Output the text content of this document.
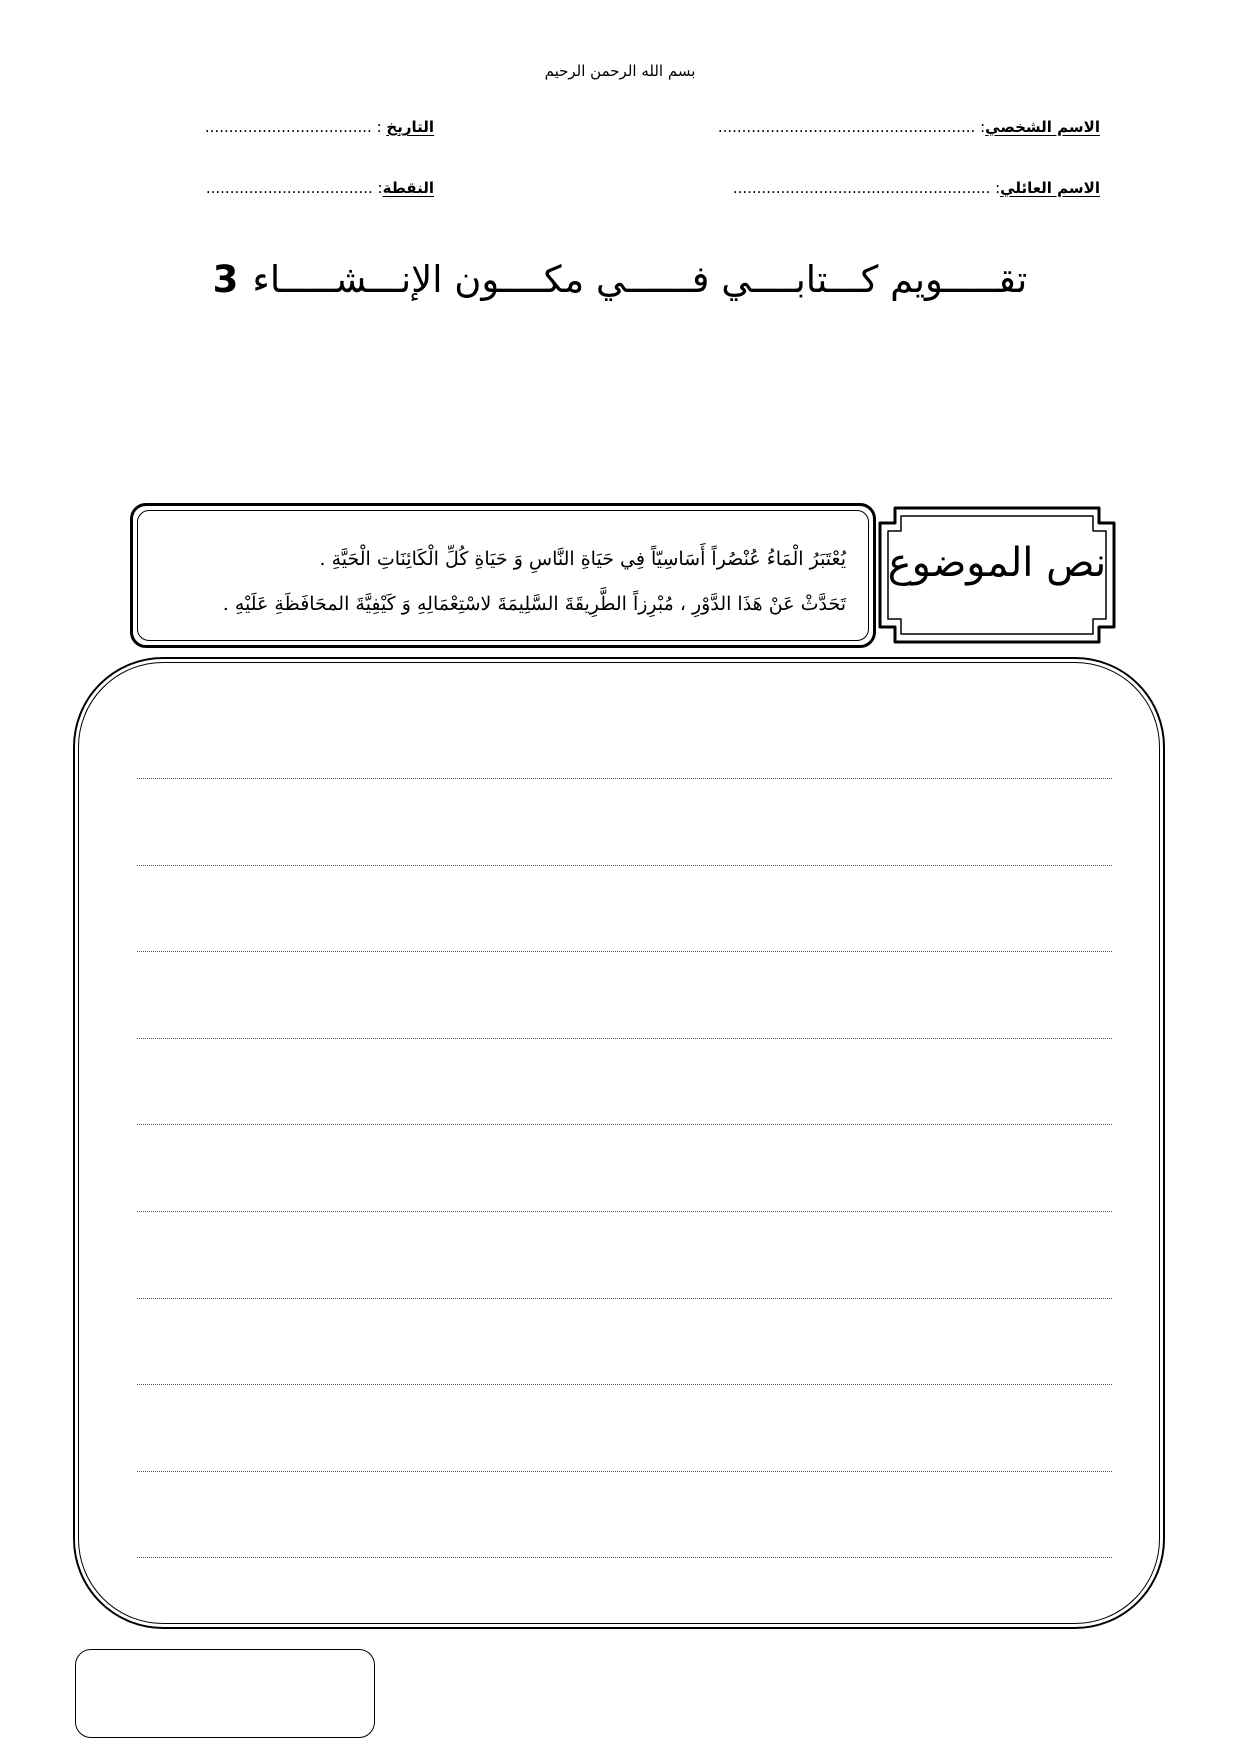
بسم الله الرحمن الرحيم
الاسم الشخصي: ......................................................
الاسم العائلي: ......................................................
التاريخ : ...................................
النقطة: ...................................
تقـــــويم كـــتابــــي فــــــي مكــــون الإنـــشـــــاء3
نص الموضوع
يُعْتَبَرُ الْمَاءُ عُنْصُراً أَسَاسِيّاً فِي حَيَاةِ النَّاسِ وَ حَيَاةِ كُلِّ الْكَائِنَاتِ الْحَيَّةِ .
تَحَدَّثْ عَنْ هَذَا الدَّوْرِ ، مُبْرِزاً الطَّرِيقَةَ السَّلِيمَةَ لاسْتِعْمَالِهِ وَ كَيْفِيَّةَ المحَافَظَةِ عَلَيْهِ .
